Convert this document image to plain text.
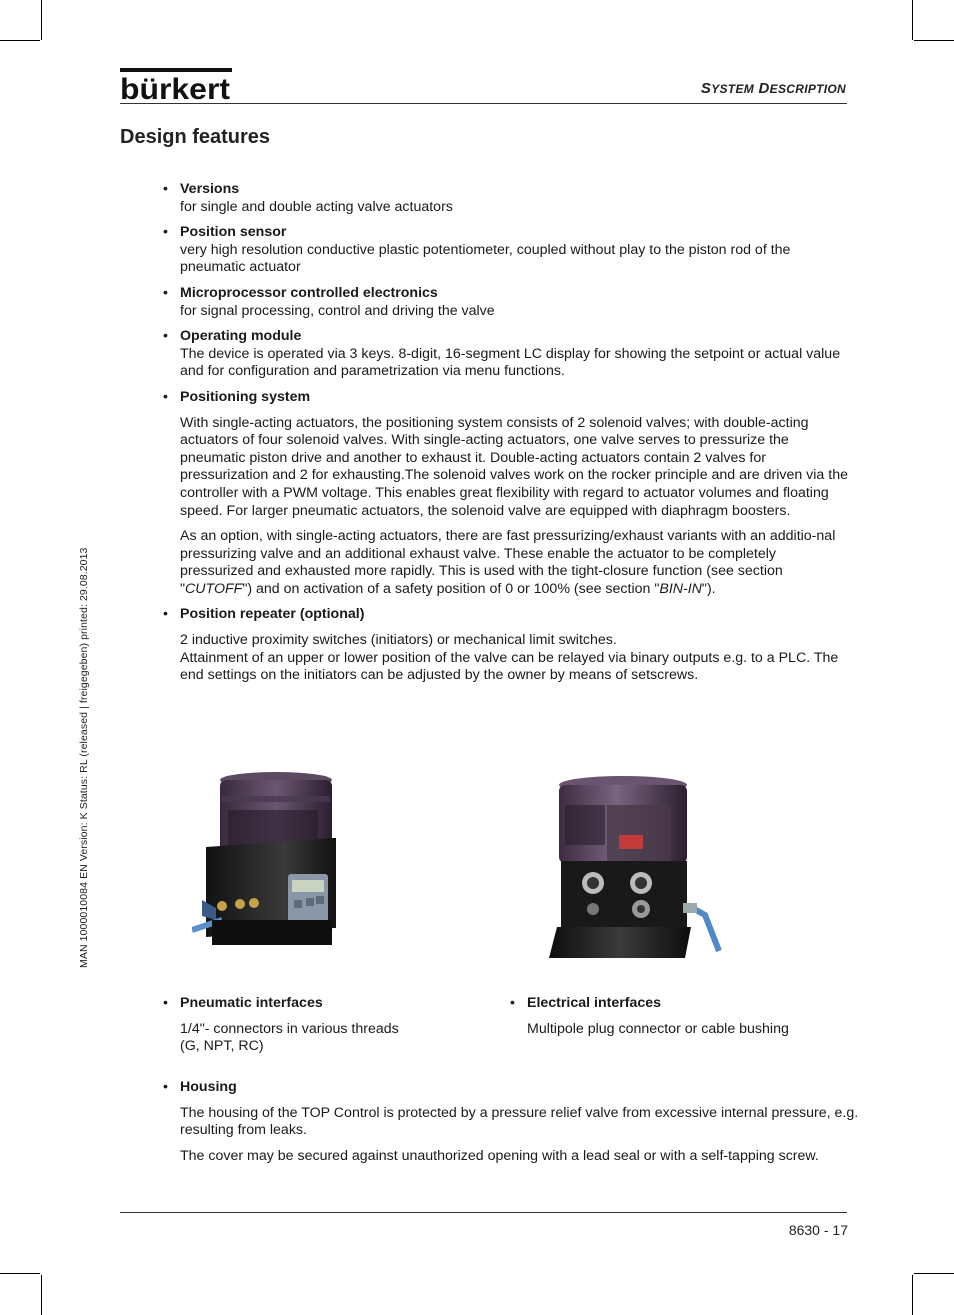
bürkert	SYSTEM DESCRIPTION
Design features
MAN 1000010084 EN Version: K Status: RL (released | freigegeben) printed: 29.08.2013
• Versions

for single and double acting valve actuators

• Position sensor

very high resolution conductive plastic potentiometer, coupled without play to the piston rod of the pneumatic actuator

• Microprocessor controlled electronics

for signal processing, control and driving the valve

• Operating module

The device is operated via 3 keys. 8-digit, 16-segment LC display for showing the setpoint or actual value and for configuration and parametrization via menu functions.

• Positioning system

With single-acting actuators, the positioning system consists of 2 solenoid valves; with double-acting actuators of four solenoid valves. With single-acting actuators, one valve serves to pressurize the pneumatic piston drive and another to exhaust it. Double-acting actuators contain 2 valves for pressurization and 2 for exhausting.The solenoid valves work on the rocker principle and are driven via the controller with a PWM voltage. This enables great flexibility with regard to actuator volumes and floating speed. For larger pneumatic actuators, the solenoid valve are equipped with diaphragm boosters.

As an option, with single-acting actuators, there are fast pressurizing/exhaust variants with an additio-nal pressurizing valve and an additional exhaust valve. These enable the actuator to be completely pressurized and exhausted more rapidly. This is used with the tight-closure function (see section "CUTOFF") and on activation of a safety position of 0 or 100% (see section "BIN-IN").

• Position repeater (optional)

2 inductive proximity switches (initiators) or mechanical limit switches.

Attainment of an upper or lower position of the valve can be relayed via binary outputs e.g. to a PLC. The end settings on the initiators can be adjusted by the owner by means of setscrews.

• Pneumatic interfaces

1/4"- connectors in various threads

(G, NPT, RC)

• Electrical interfaces

Multipole plug connector or cable bushing

• Housing

The housing of the TOP Control is protected by a pressure relief valve from excessive internal pressure, e.g. resulting from leaks.

The cover may be secured against unauthorized opening with a lead seal or with a self-tapping screw.

8630 - 17
